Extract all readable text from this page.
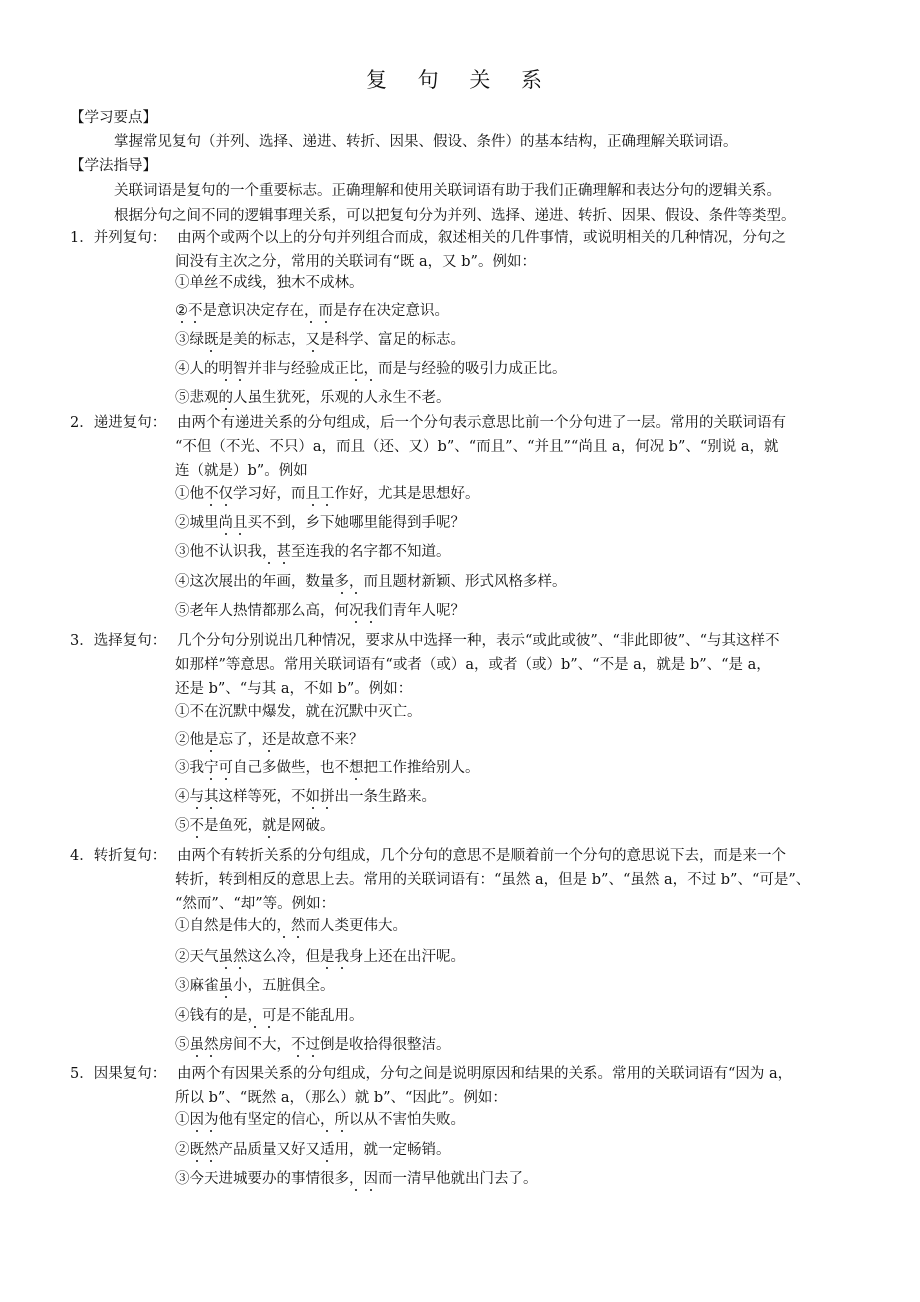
复 句 关 系
【学习要点】
掌握常见复句（并列、选择、递进、转折、因果、假设、条件）的基本结构，正确理解关联词语。
【学法指导】
关联词语是复句的一个重要标志。正确理解和使用关联词语有助于我们正确理解和表达分句的逻辑关系。
根据分句之间不同的逻辑事理关系，可以把复句分为并列、选择、递进、转折、因果、假设、条件等类型。
1．并列复句： 由两个或两个以上的分句并列组合而成，叙述相关的几件事情，或说明相关的几种情况，分句之
间没有主次之分，常用的关联词有“既 a，又 b”。例如：
①单丝不成线，独木不成林。
②不是意识决定存在，而是存在决定意识。
③绿既是美的标志，又是科学、富足的标志。
④人的明智并非与经验成正比，而是与经验的吸引力成正比。
⑤悲观的人虽生犹死，乐观的人永生不老。
2．递进复句： 由两个有递进关系的分句组成，后一个分句表示意思比前一个分句进了一层。常用的关联词语有
“不但（不光、不只）a，而且（还、又）b”、“而且”、“并且”“尚且 a，何况 b”、“别说 a，就
连（就是）b”。例如
①他不仅学习好，而且工作好，尤其是思想好。
②城里尚且买不到，乡下她哪里能得到手呢？
③他不认识我，甚至连我的名字都不知道。
④这次展出的年画，数量多，而且题材新颖、形式风格多样。
⑤老年人热情都那么高，何况我们青年人呢？
3．选择复句： 几个分句分别说出几种情况，要求从中选择一种，表示“或此或彼”、“非此即彼”、“与其这样不
如那样”等意思。常用关联词语有“或者（或）a，或者（或）b”、“不是 a，就是 b”、“是 a，
还是 b”、“与其 a，不如 b”。例如：
①不在沉默中爆发，就在沉默中灭亡。
②他是忘了，还是故意不来？
③我宁可自己多做些，也不想把工作推给别人。
④与其这样等死，不如拼出一条生路来。
⑤不是鱼死，就是网破。
4．转折复句： 由两个有转折关系的分句组成，几个分句的意思不是顺着前一个分句的意思说下去，而是来一个
转折，转到相反的意思上去。常用的关联词语有：“虽然 a，但是 b”、“虽然 a，不过 b”、“可是”、
“然而”、“却”等。例如：
①自然是伟大的，然而人类更伟大。
②天气虽然这么冷，但是我身上还在出汗呢。
③麻雀虽小，五脏俱全。
④钱有的是，可是不能乱用。
⑤虽然房间不大，不过倒是收拾得很整洁。
5．因果复句： 由两个有因果关系的分句组成，分句之间是说明原因和结果的关系。常用的关联词语有“因为 a，
所以 b”、“既然 a，（那么）就 b”、“因此”。例如：
①因为他有坚定的信心，所以从不害怕失败。
②既然产品质量又好又适用，就一定畅销。
③今天进城要办的事情很多，因而一清早他就出门去了。
